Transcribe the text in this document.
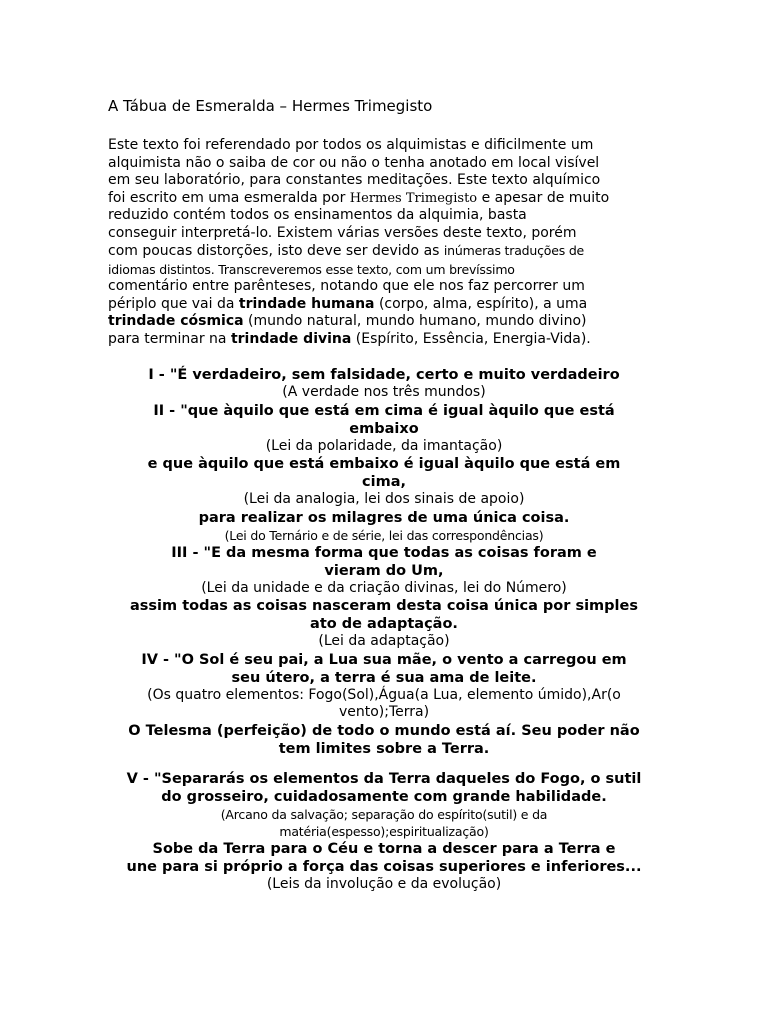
A Tábua de Esmeralda – Hermes Trimegisto
Este texto foi referendado por todos os alquimistas e dificilmente um
alquimista não o saiba de cor ou não o tenha anotado em local visível
em seu laboratório, para constantes meditações. Este texto alquímico
foi escrito em uma esmeralda por Hermes Trimegisto e apesar de muito
reduzido contém todos os ensinamentos da alquimia, basta
conseguir interpretá-lo. Existem várias versões deste texto, porém
com poucas distorções, isto deve ser devido as inúmeras traduções de
idiomas distintos. Transcreveremos esse texto, com um brevíssimo
comentário entre parênteses, notando que ele nos faz percorrer um
périplo que vai da trindade humana (corpo, alma, espírito), a uma
trindade cósmica (mundo natural, mundo humano, mundo divino)
para terminar na trindade divina (Espírito, Essência, Energia-Vida).
I - "É verdadeiro, sem falsidade, certo e muito verdadeiro
(A verdade nos três mundos)
II - "que àquilo que está em cima é igual àquilo que está
embaixo
(Lei da polaridade, da imantação)
e que àquilo que está embaixo é igual àquilo que está em
cima,
(Lei da analogia, lei dos sinais de apoio)
para realizar os milagres de uma única coisa.
(Lei do Ternário e de série, lei das correspondências)
III - "E da mesma forma que todas as coisas foram e
vieram do Um,
(Lei da unidade e da criação divinas, lei do Número)
assim todas as coisas nasceram desta coisa única por simples
ato de adaptação.
(Lei da adaptação)
IV - "O Sol é seu pai, a Lua sua mãe, o vento a carregou em
seu útero, a terra é sua ama de leite.
(Os quatro elementos: Fogo(Sol),Água(a Lua, elemento úmido),Ar(o
vento);Terra)
O Telesma (perfeição) de todo o mundo está aí. Seu poder não
tem limites sobre a Terra.
V - "Separarás os elementos da Terra daqueles do Fogo, o sutil
do grosseiro, cuidadosamente com grande habilidade.
(Arcano da salvação; separação do espírito(sutil) e da
matéria(espesso);espiritualização)
Sobe da Terra para o Céu e torna a descer para a Terra e
une para si próprio a força das coisas superiores e inferiores...
(Leis da involução e da evolução)
